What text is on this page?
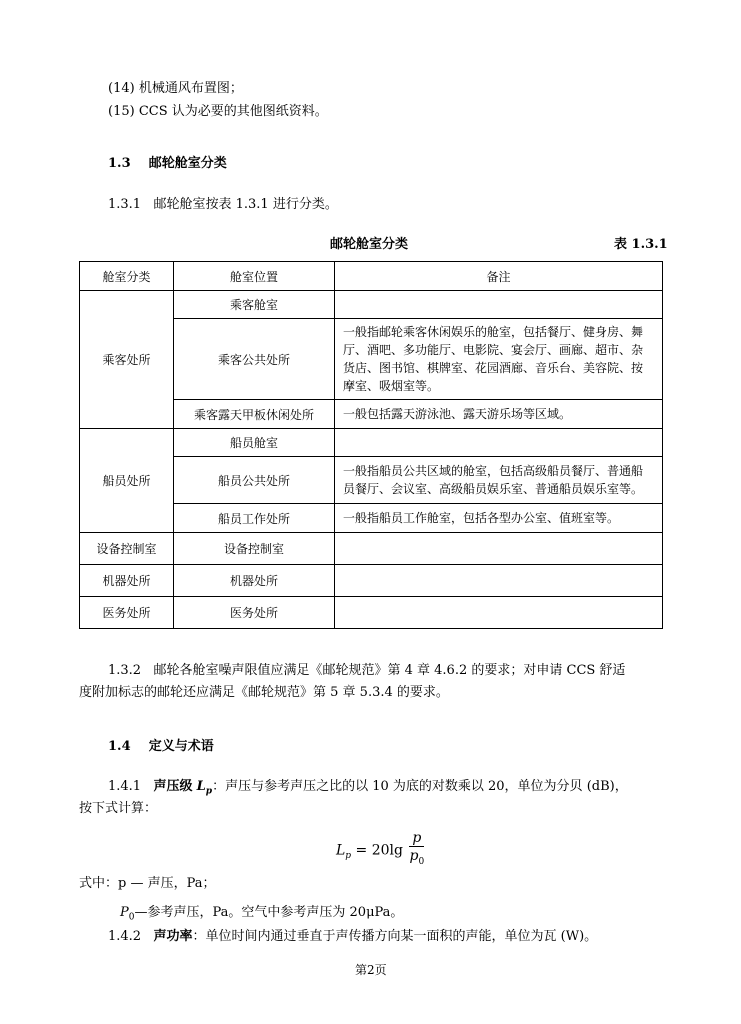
(14) 机械通风布置图；
(15) CCS 认为必要的其他图纸资料。
1.3 邮轮舱室分类
1.3.1 邮轮舱室按表 1.3.1 进行分类。
邮轮舱室分类	表 1.3.1
舱室分类	舱室位置	备注
乘客处所	乘客舱室	
	乘客公共处所	一般指邮轮乘客休闲娱乐的舱室，包括餐厅、健身房、舞厅、酒吧、多功能厅、电影院、宴会厅、画廊、超市、杂货店、图书馆、棋牌室、花园酒廊、音乐台、美容院、按摩室、吸烟室等。
	乘客露天甲板休闲处所	一般包括露天游泳池、露天游乐场等区域。
船员处所	船员舱室	
	船员公共处所	一般指船员公共区域的舱室，包括高级船员餐厅、普通船员餐厅、会议室、高级船员娱乐室、普通船员娱乐室等。
	船员工作处所	一般指船员工作舱室，包括各型办公室、值班室等。
设备控制室	设备控制室	
机器处所	机器处所	
医务处所	医务处所	
1.3.2 邮轮各舱室噪声限值应满足《邮轮规范》第 4 章 4.6.2 的要求；对申请 CCS 舒适
度附加标志的邮轮还应满足《邮轮规范》第 5 章 5.3.4 的要求。
1.4 定义与术语
1.4.1 声压级 $L_p$：声压与参考声压之比的以 10 为底的对数乘以 20，单位为分贝 (dB)，
按下式计算：
$L_p = 20\lg \frac{p}{p_0}$
式中：p — 声压，Pa；
$P_0—$参考声压，Pa。空气中参考声压为 20μPa。
1.4.2 声功率：单位时间内通过垂直于声传播方向某一面积的声能，单位为瓦 (W)。
第2页
